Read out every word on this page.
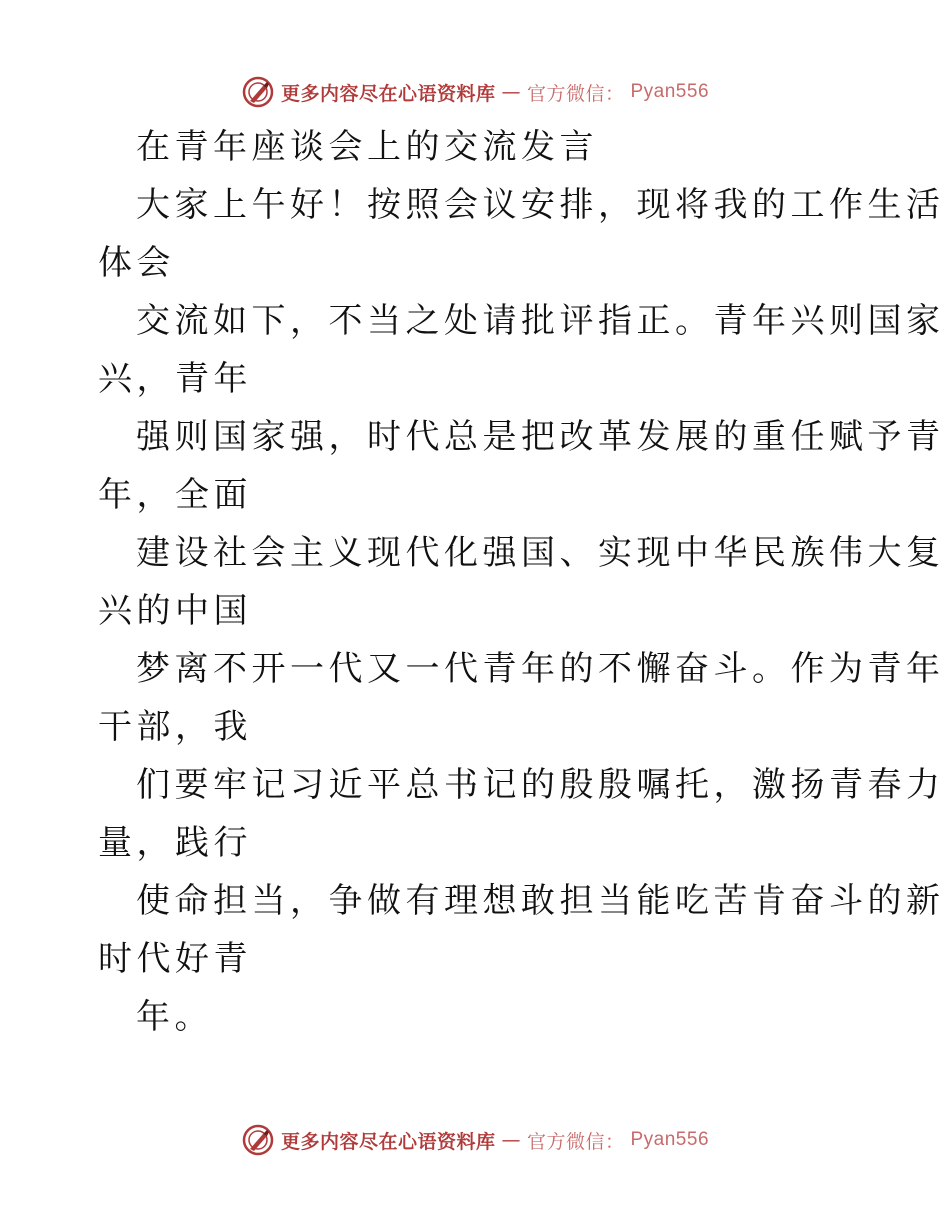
更多内容尽在心语资料库 — 官方微信： Pyan556
在青年座谈会上的交流发言
大家上午好！按照会议安排，现将我的工作生活
体会
交流如下，不当之处请批评指正。青年兴则国家
兴，青年
强则国家强，时代总是把改革发展的重任赋予青
年，全面
建设社会主义现代化强国、实现中华民族伟大复
兴的中国
梦离不开一代又一代青年的不懈奋斗。作为青年
干部，我
们要牢记习近平总书记的殷殷嘱托，激扬青春力
量，践行
使命担当，争做有理想敢担当能吃苦肯奋斗的新
时代好青
年。
更多内容尽在心语资料库 — 官方微信： Pyan556
